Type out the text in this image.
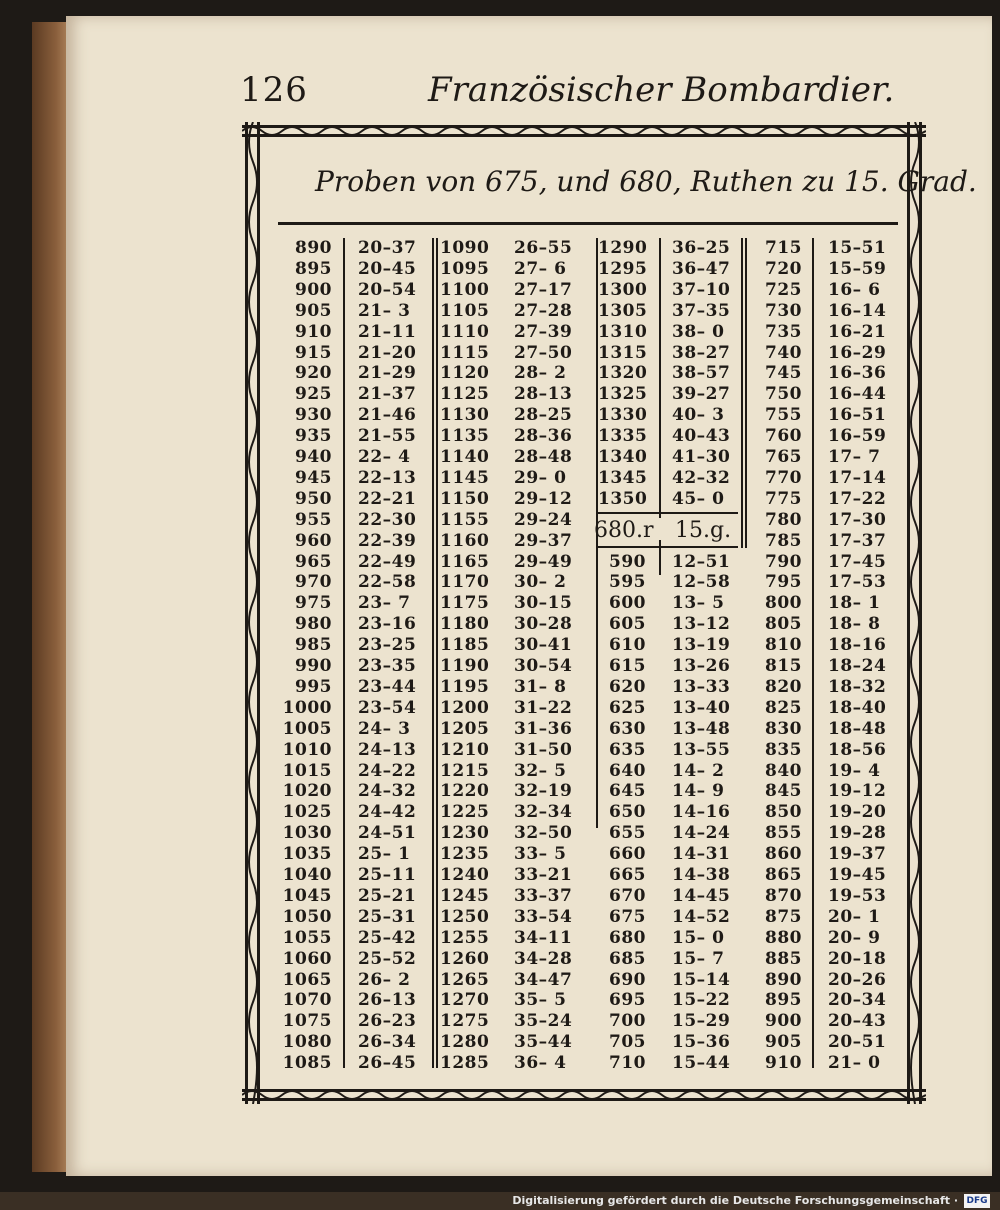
126	Französischer Bombardier.
Proben von 675, und 680, Ruthen zu 15. Grad.
680.r 15.g.
890
895
900
905
910
915
920
925
930
935
940
945
950
955
960
965
970
975
980
985
990
995
1000
1005
1010
1015
1020
1025
1030
1035
1040
1045
1050
1055
1060
1065
1070
1075
1080
1085
20–37
20–45
20–54
21– 3
21–11
21–20
21–29
21–37
21–46
21–55
22– 4
22–13
22–21
22–30
22–39
22–49
22–58
23– 7
23–16
23–25
23–35
23–44
23–54
24– 3
24–13
24–22
24–32
24–42
24–51
25– 1
25–11
25–21
25–31
25–42
25–52
26– 2
26–13
26–23
26–34
26–45
1090
1095
1100
1105
1110
1115
1120
1125
1130
1135
1140
1145
1150
1155
1160
1165
1170
1175
1180
1185
1190
1195
1200
1205
1210
1215
1220
1225
1230
1235
1240
1245
1250
1255
1260
1265
1270
1275
1280
1285
26–55
27– 6
27–17
27–28
27–39
27–50
28– 2
28–13
28–25
28–36
28–48
29– 0
29–12
29–24
29–37
29–49
30– 2
30–15
30–28
30–41
30–54
31– 8
31–22
31–36
31–50
32– 5
32–19
32–34
32–50
33– 5
33–21
33–37
33–54
34–11
34–28
34–47
35– 5
35–24
35–44
36– 4
1290
1295
1300
1305
1310
1315
1320
1325
1330
1335
1340
1345
1350
36–25
36–47
37–10
37–35
38– 0
38–27
38–57
39–27
40– 3
40–43
41–30
42–32
45– 0
590
595
600
605
610
615
620
625
630
635
640
645
650
655
660
665
670
675
680
685
690
695
700
705
710
12–51
12–58
13– 5
13–12
13–19
13–26
13–33
13–40
13–48
13–55
14– 2
14– 9
14–16
14–24
14–31
14–38
14–45
14–52
15– 0
15– 7
15–14
15–22
15–29
15–36
15–44
715
720
725
730
735
740
745
750
755
760
765
770
775
780
785
790
795
800
805
810
815
820
825
830
835
840
845
850
855
860
865
870
875
880
885
890
895
900
905
910
15–51
15–59
16– 6
16–14
16–21
16–29
16–36
16–44
16–51
16–59
17– 7
17–14
17–22
17–30
17–37
17–45
17–53
18– 1
18– 8
18–16
18–24
18–32
18–40
18–48
18–56
19– 4
19–12
19–20
19–28
19–37
19–45
19–53
20– 1
20– 9
20–18
20–26
20–34
20–43
20–51
21– 0
Digitalisierung gefördert durch die Deutsche Forschungsgemeinschaft · DFG
